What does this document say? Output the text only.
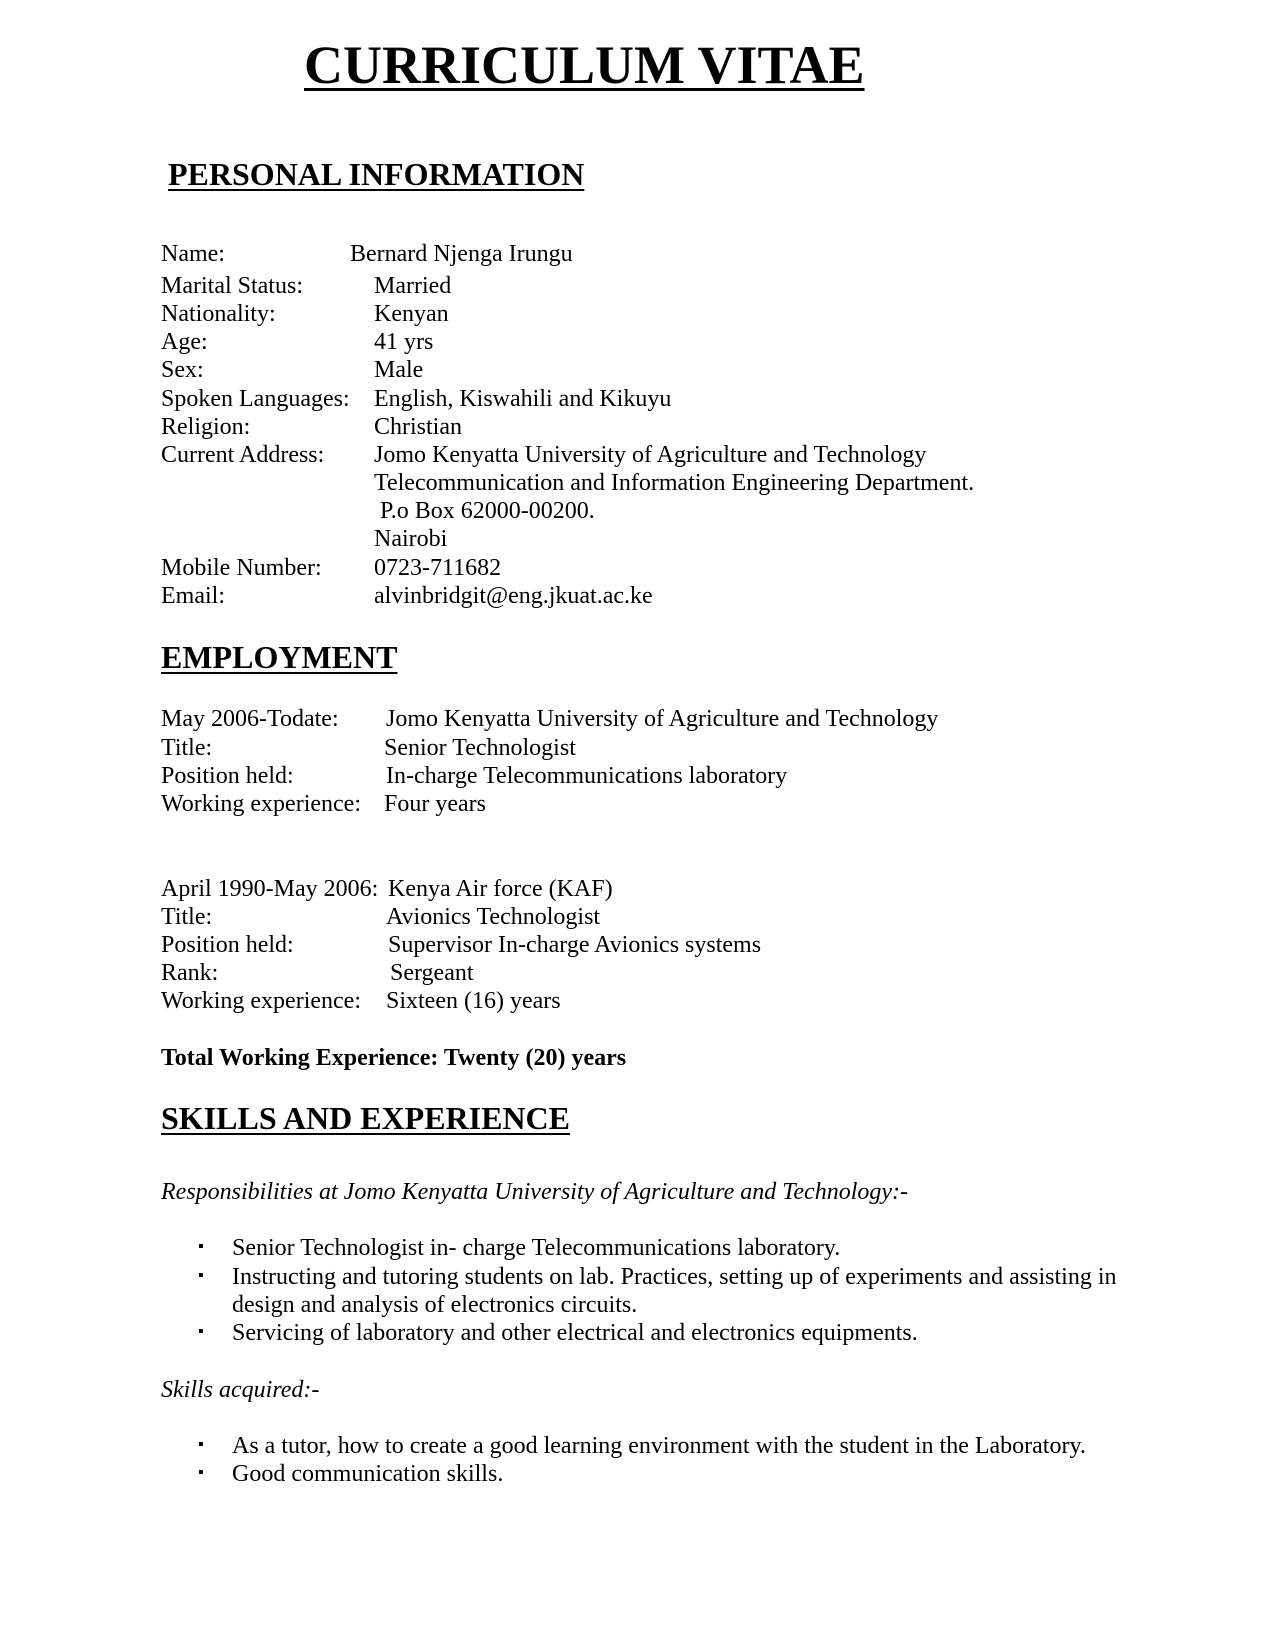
CURRICULUM VITAE
PERSONAL INFORMATION
Name:	Bernard Njenga Irungu
Marital Status:	Married
Nationality:	Kenyan
Age:	41 yrs
Sex:	Male
Spoken Languages: English, Kiswahili and Kikuyu
Religion:	Christian
Current Address: Jomo Kenyatta University of Agriculture and Technology
Telecommunication and Information Engineering Department.
P.o Box 62000-00200.
Nairobi
Mobile Number: 0723-711682
Email:	alvinbridgit@eng.jkuat.ac.ke
EMPLOYMENT
May 2006-Todate: Jomo Kenyatta University of Agriculture and Technology
Title:	Senior Technologist
Position held:	In-charge Telecommunications laboratory
Working experience: Four years
April 1990-May 2006: Kenya Air force (KAF)
Title:	Avionics Technologist
Position held:	Supervisor In-charge Avionics systems
Rank:	Sergeant
Working experience: Sixteen (16) years
Total Working Experience: Twenty (20) years
SKILLS AND EXPERIENCE
Responsibilities at Jomo Kenyatta University of Agriculture and Technology:-
▪ Senior Technologist in- charge Telecommunications laboratory.
▪ Instructing and tutoring students on lab. Practices, setting up of experiments and assisting in
design and analysis of electronics circuits.
▪ Servicing of laboratory and other electrical and electronics equipments.
Skills acquired:-
▪ As a tutor, how to create a good learning environment with the student in the Laboratory.
▪ Good communication skills.
